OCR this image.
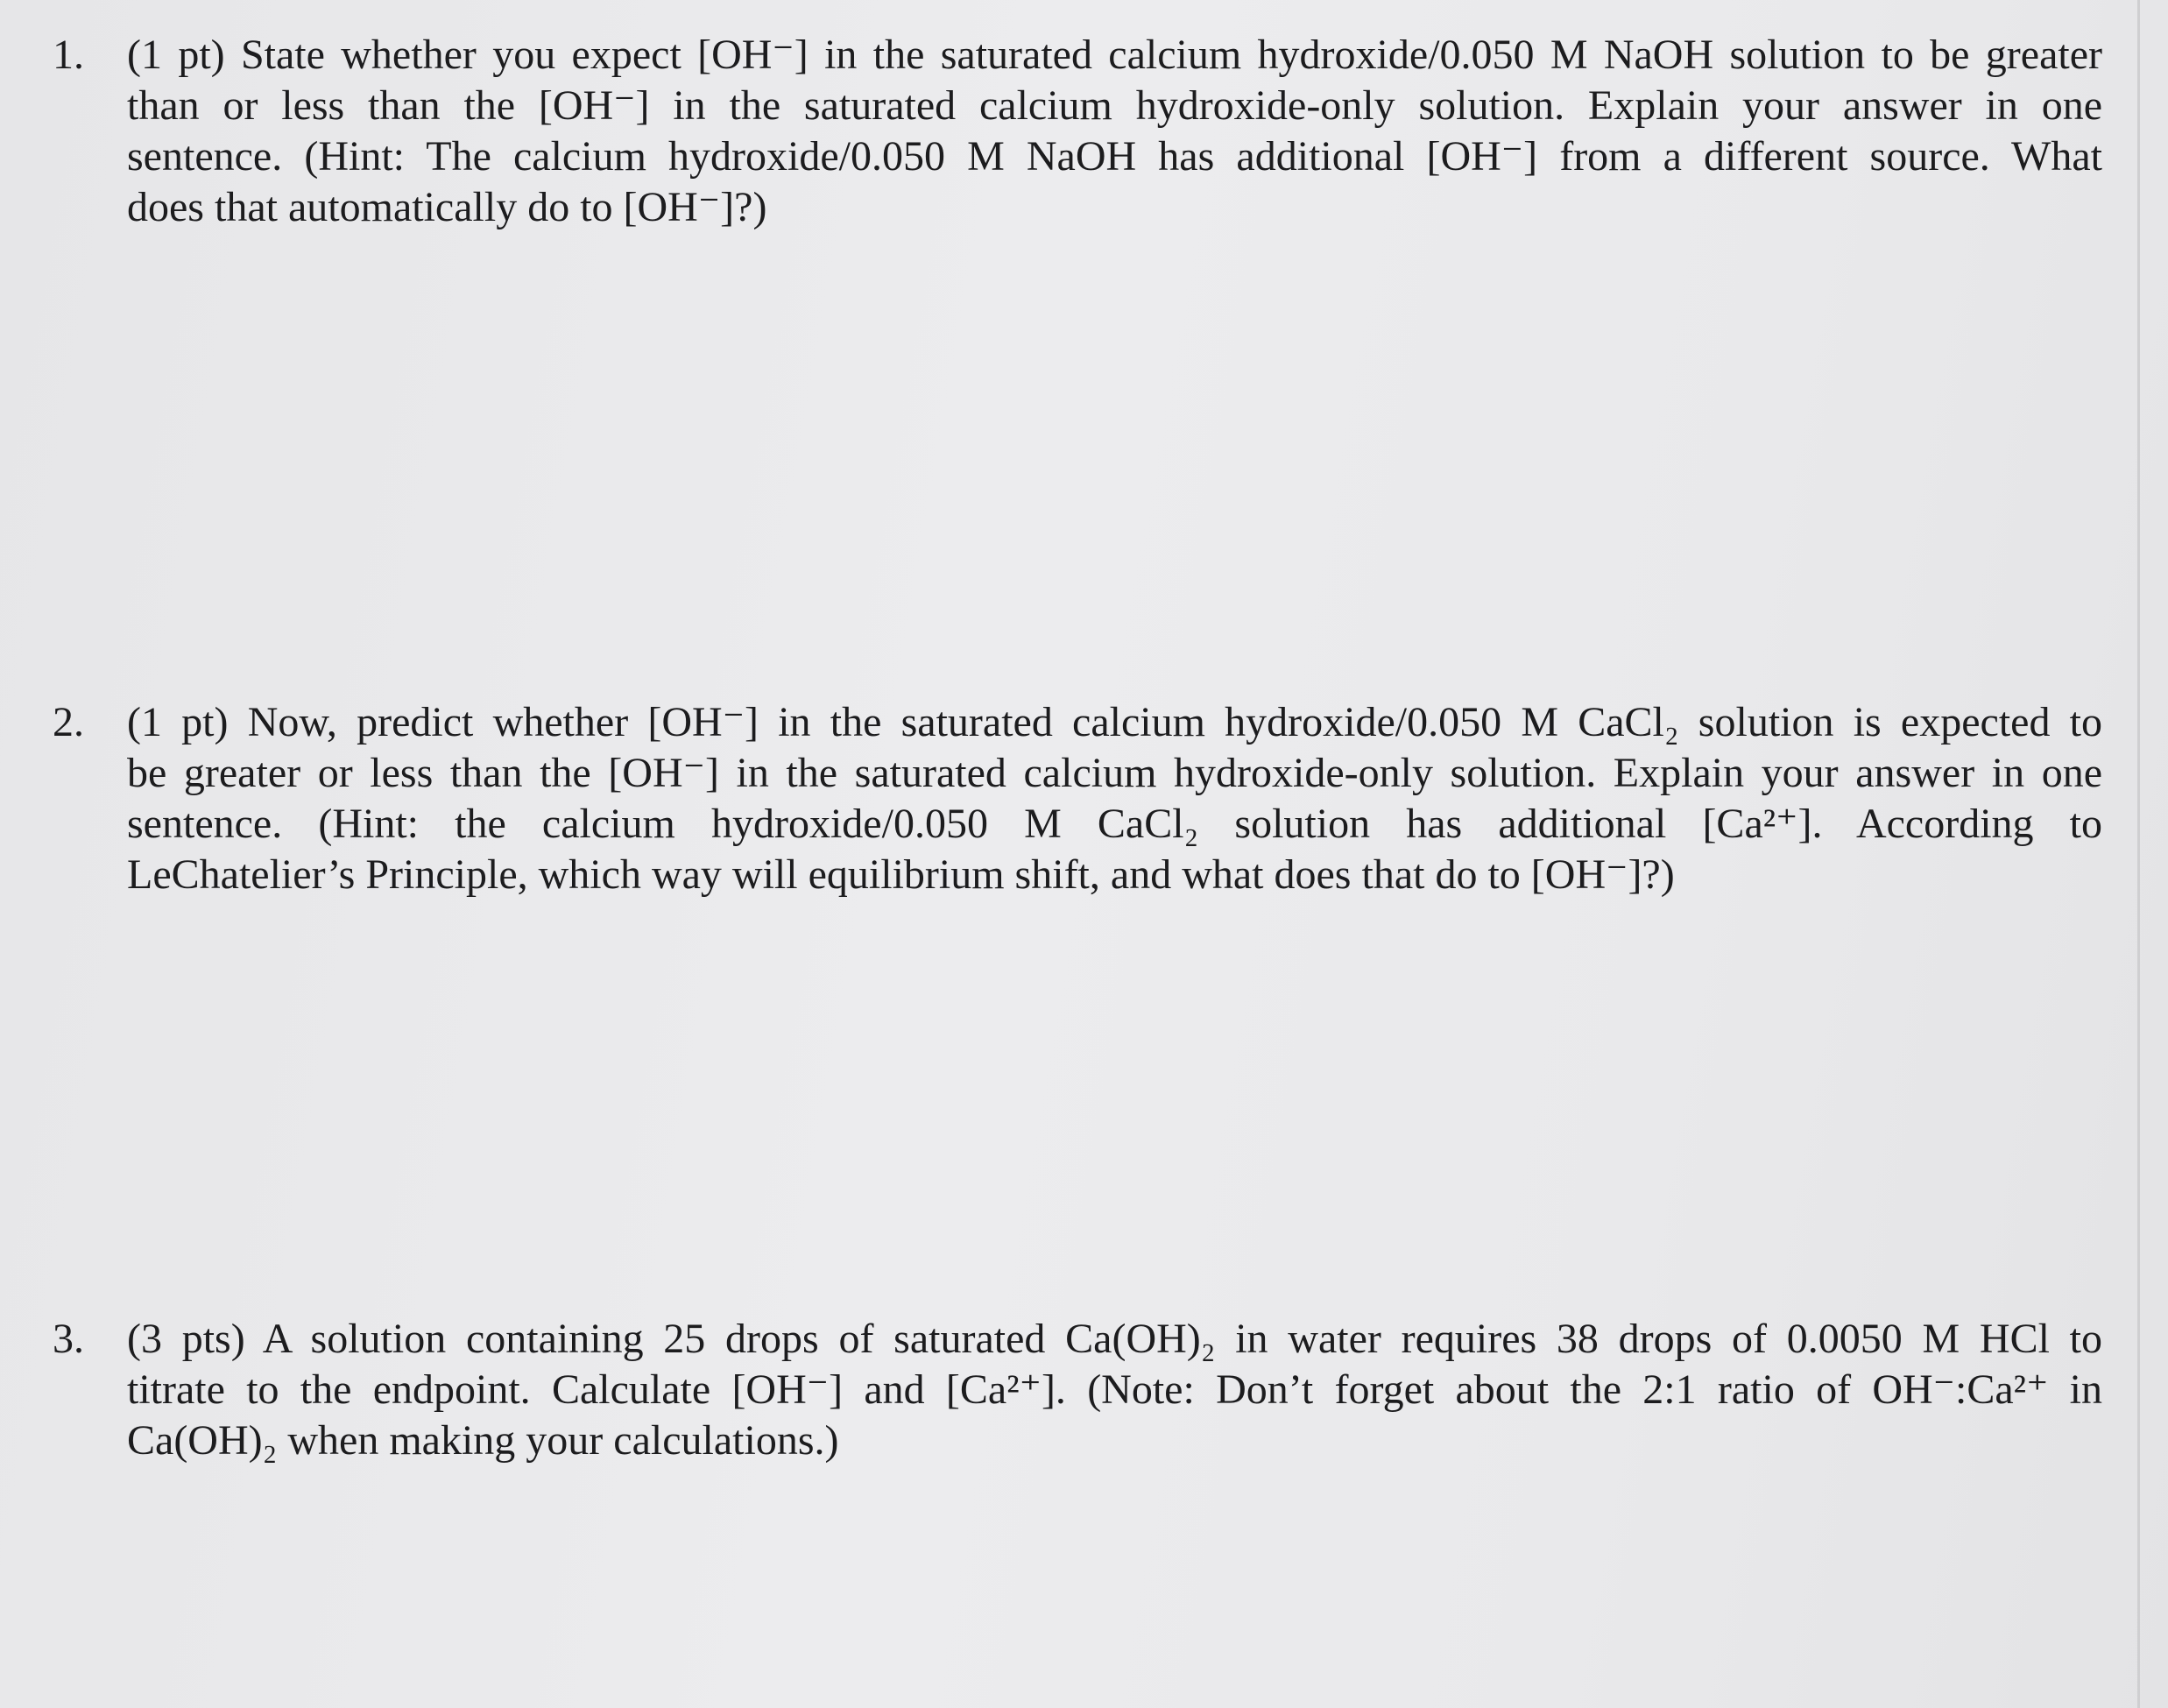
1.	(1 pt) State whether you expect [OH⁻] in the saturated calcium hydroxide/0.050 M NaOH solution to be greater
than or less than the [OH⁻] in the saturated calcium hydroxide-only solution. Explain your answer in one
sentence. (Hint: The calcium hydroxide/0.050 M NaOH has additional [OH⁻] from a different source. What
does that automatically do to [OH⁻]?)
2.	(1 pt) Now, predict whether [OH⁻] in the saturated calcium hydroxide/0.050 M CaCl₂ solution is expected to
be greater or less than the [OH⁻] in the saturated calcium hydroxide-only solution. Explain your answer in one
sentence. (Hint: the calcium hydroxide/0.050 M CaCl₂ solution has additional [Ca²⁺]. According to
LeChatelier’s Principle, which way will equilibrium shift, and what does that do to [OH⁻]?)
3.	(3 pts) A solution containing 25 drops of saturated Ca(OH)₂ in water requires 38 drops of 0.0050 M HCl to
titrate to the endpoint. Calculate [OH⁻] and [Ca²⁺]. (Note: Don’t forget about the 2:1 ratio of OH⁻:Ca²⁺ in
Ca(OH)₂ when making your calculations.)
